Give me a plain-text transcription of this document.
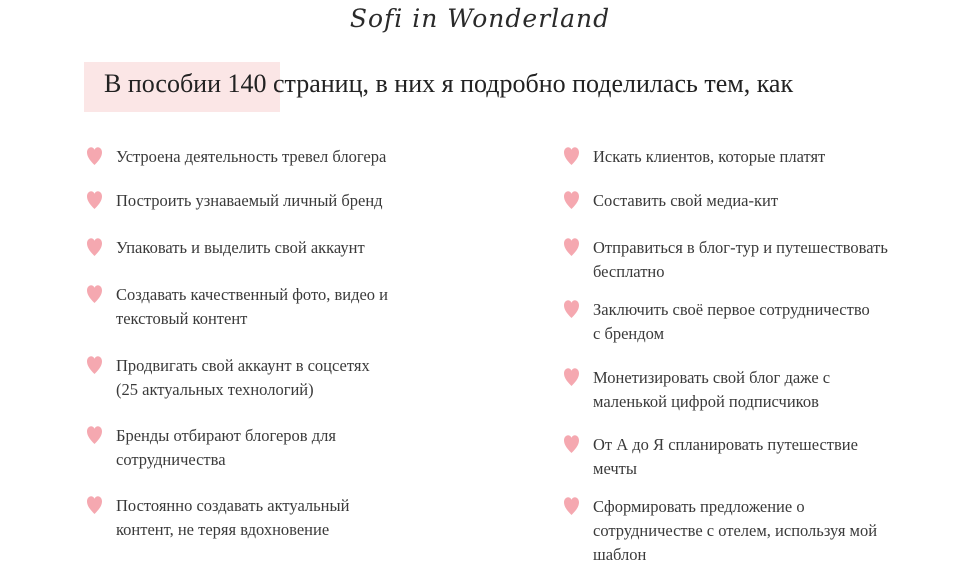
Sofi in Wonderland
В пособии 140 страниц, в них я подробно поделилась тем, как
Устроена деятельность тревел блогера
Построить узнаваемый личный бренд
Упаковать и выделить свой аккаунт
Создавать качественный фото, видео и
текстовый контент
Продвигать свой аккаунт в соцсетях
(25 актуальных технологий)
Бренды отбирают блогеров для
сотрудничества
Постоянно создавать актуальный
контент, не теряя вдохновение
Искать клиентов, которые платят
Составить свой медиа-кит
Отправиться в блог-тур и путешествовать
бесплатно
Заключить своё первое сотрудничество
с брендом
Монетизировать свой блог даже с
маленькой цифрой подписчиков
От А до Я спланировать путешествие
мечты
Сформировать предложение о
сотрудничестве с отелем, используя мой
шаблон
